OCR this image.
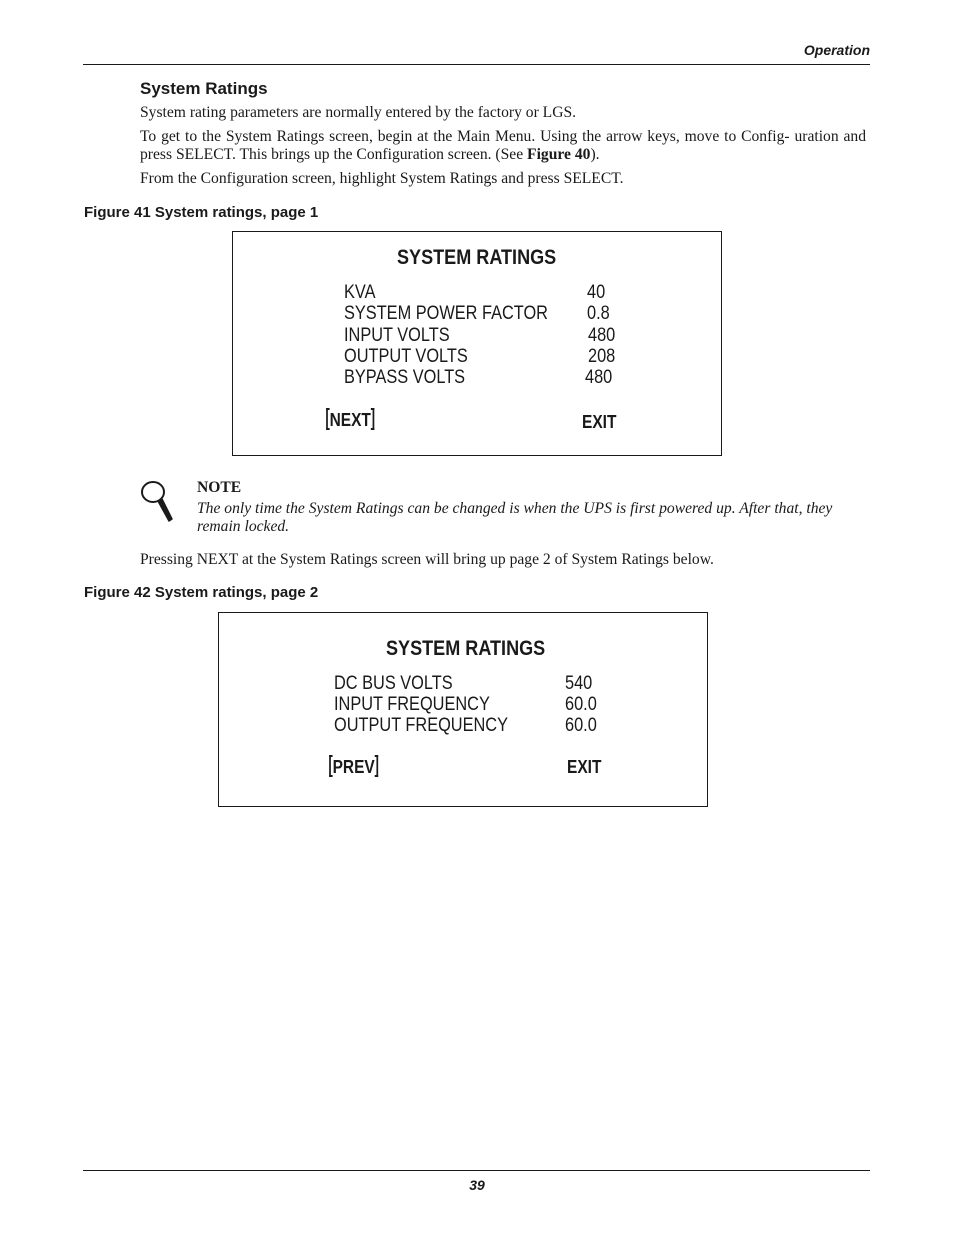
Operation
System Ratings
System rating parameters are normally entered by the factory or LGS.
To get to the System Ratings screen, begin at the Main Menu. Using the arrow keys, move to Config- uration and press SELECT. This brings up the Configuration screen. (See Figure 40).
From the Configuration screen, highlight System Ratings and press SELECT.
Figure 41 System ratings, page 1
SYSTEM RATINGS
KVA	40
SYSTEM POWER FACTOR 0.8
INPUT VOLTS	480
OUTPUT VOLTS	208
BYPASS VOLTS	480
NEXT	EXIT
NOTE
The only time the System Ratings can be changed is when the UPS is first powered up. After that, they remain locked.
Pressing NEXT at the System Ratings screen will bring up page 2 of System Ratings below.
Figure 42 System ratings, page 2
SYSTEM RATINGS
DC BUS VOLTS	540
INPUT FREQUENCY	60.0
OUTPUT FREQUENCY	60.0
PREV	EXIT
39
